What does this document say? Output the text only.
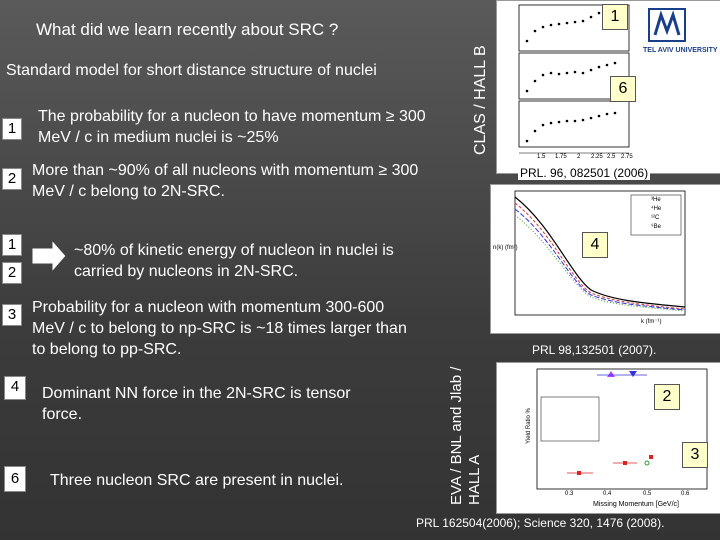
What did we learn recently about SRC ?
Standard model for short distance structure of nuclei
1
The probability for a nucleon to have momentum ≥ 300 MeV / c in medium nuclei is ~25%
2 More than ~90% of all nucleons with momentum ≥ 300 MeV / c belong to 2N-SRC.
1
2
~80% of kinetic energy of nucleon in nuclei is carried by nucleons in 2N-SRC.
3 Probability for a nucleon with momentum 300-600 MeV / c to belong to np-SRC is ~18 times larger than to belong to pp-SRC.
4	Dominant NN force in the 2N-SRC is tensor force.
6	Three nucleon SRC are present in nuclei.
CLAS / HALL B
EVA / BNL and Jlab / HALL A
1.5 1.75 2 2.25 2.5 2.75
TEL AVIV UNIVERSITY
1
6
PRL. 96, 082501 (2006)
³He
⁴He
¹²C
⁹Be
n(k) (fm³)
k (fm⁻¹)
4
PRL 98,132501 (2007).
Yield Ratio %
0.3	0.4	0.5	0.6
Missing Momentum [GeV/c]
2
3
PRL 162504(2006); Science 320, 1476 (2008).
